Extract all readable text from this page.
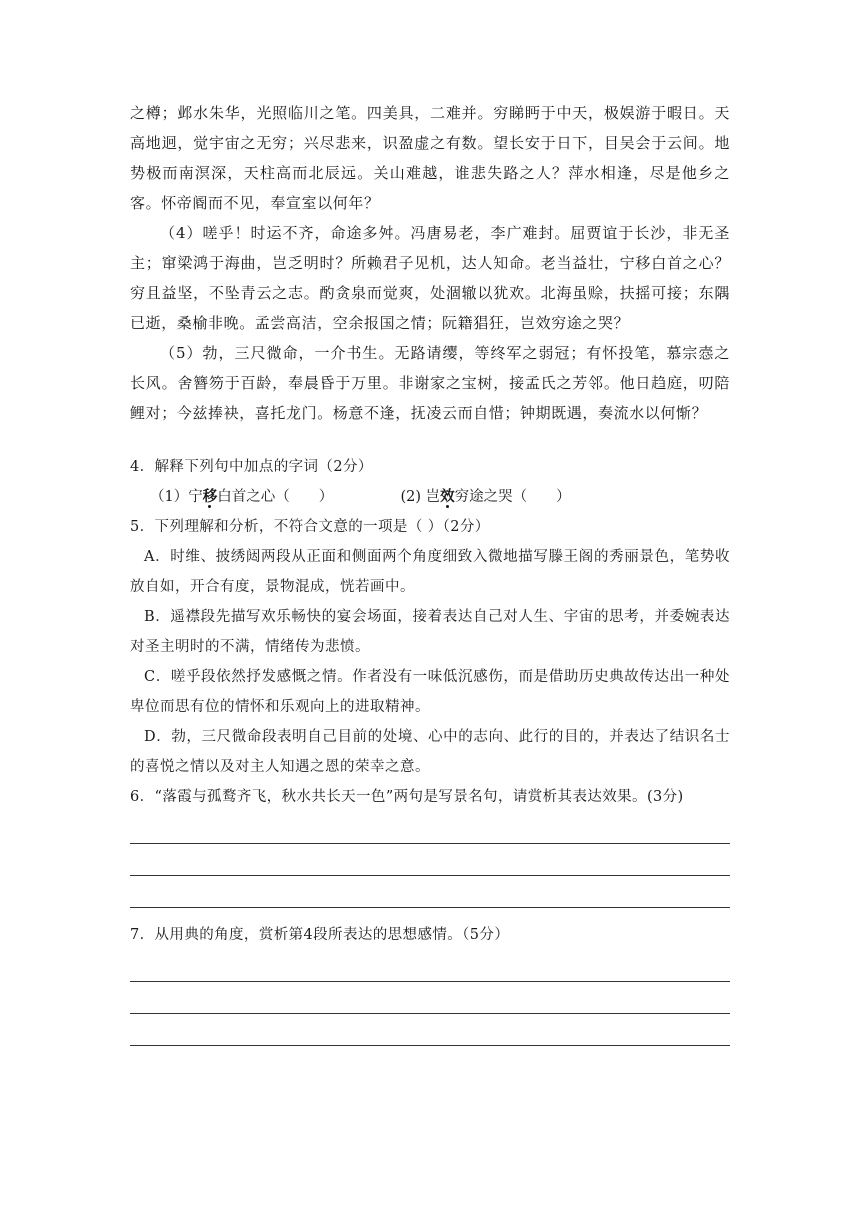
之樽；邺水朱华，光照临川之笔。四美具，二难并。穷睇眄于中天，极娱游于暇日。天高地迥，觉宇宙之无穷；兴尽悲来，识盈虚之有数。望长安于日下，目吴会于云间。地势极而南溟深，天柱高而北辰远。关山难越，谁悲失路之人？萍水相逢，尽是他乡之客。怀帝阍而不见，奉宣室以何年？

（4）嗟乎！时运不齐，命途多舛。冯唐易老，李广难封。屈贾谊于长沙，非无圣主；窜梁鸿于海曲，岂乏明时？所赖君子见机，达人知命。老当益壮，宁移白首之心？穷且益坚，不坠青云之志。酌贪泉而觉爽，处涸辙以犹欢。北海虽赊，扶摇可接；东隅已逝，桑榆非晚。孟尝高洁，空余报国之情；阮籍猖狂，岂效穷途之哭？

（5）勃，三尺微命，一介书生。无路请缨，等终军之弱冠；有怀投笔，慕宗悫之长风。舍簪笏于百龄，奉晨昏于万里。非谢家之宝树，接孟氏之芳邻。他日趋庭，叨陪鲤对；今兹捧袂，喜托龙门。杨意不逢，抚凌云而自惜；钟期既遇，奏流水以何惭？

4．解释下列句中加点的字词（2分）

（1）宁移白首之心（　　）	(2) 岂效穷途之哭（　　）

5．下列理解和分析，不符合文意的一项是（ ）（2分）

A．时维、披绣闼两段从正面和侧面两个角度细致入微地描写滕王阁的秀丽景色，笔势收放自如，开合有度，景物混成，恍若画中。

B．遥襟段先描写欢乐畅快的宴会场面，接着表达自己对人生、宇宙的思考，并委婉表达对圣主明时的不满，情绪传为悲愤。

C．嗟乎段依然抒发感慨之情。作者没有一味低沉感伤，而是借助历史典故传达出一种处卑位而思有位的情怀和乐观向上的进取精神。

D．勃，三尺微命段表明自己目前的处境、心中的志向、此行的目的，并表达了结识名士的喜悦之情以及对主人知遇之恩的荣幸之意。

6．“落霞与孤鹜齐飞，秋水共长天一色”两句是写景名句，请赏析其表达效果。(3分)

7．从用典的角度，赏析第4段所表达的思想感情。（5分）
